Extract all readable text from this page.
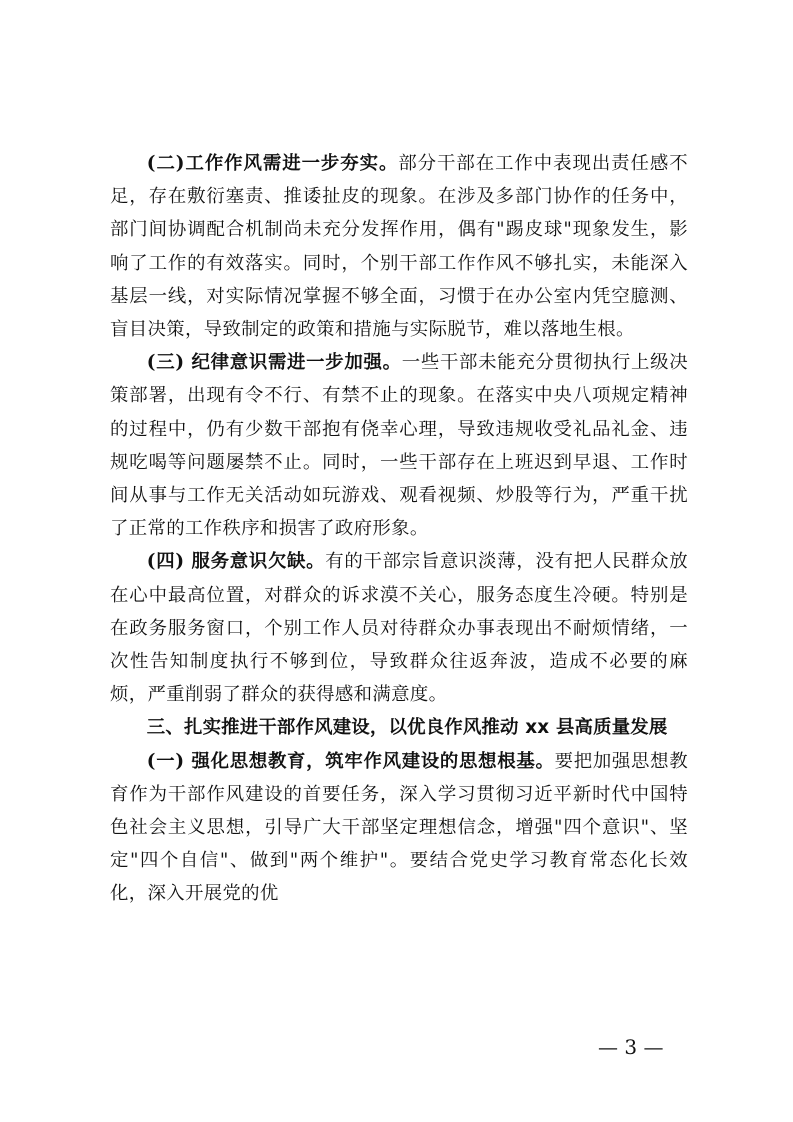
(二)工作作风需进一步夯实。部分干部在工作中表现出责任感不足，存在敷衍塞责、推诿扯皮的现象。在涉及多部门协作的任务中，部门间协调配合机制尚未充分发挥作用，偶有"踢皮球"现象发生，影响了工作的有效落实。同时，个别干部工作作风不够扎实，未能深入基层一线，对实际情况掌握不够全面，习惯于在办公室内凭空臆测、盲目决策，导致制定的政策和措施与实际脱节，难以落地生根。

(三) 纪律意识需进一步加强。一些干部未能充分贯彻执行上级决策部署，出现有令不行、有禁不止的现象。在落实中央八项规定精神的过程中，仍有少数干部抱有侥幸心理，导致违规收受礼品礼金、违规吃喝等问题屡禁不止。同时，一些干部存在上班迟到早退、工作时间从事与工作无关活动如玩游戏、观看视频、炒股等行为，严重干扰了正常的工作秩序和损害了政府形象。

(四) 服务意识欠缺。有的干部宗旨意识淡薄，没有把人民群众放在心中最高位置，对群众的诉求漠不关心，服务态度生冷硬。特别是在政务服务窗口，个别工作人员对待群众办事表现出不耐烦情绪，一次性告知制度执行不够到位，导致群众往返奔波，造成不必要的麻烦，严重削弱了群众的获得感和满意度。

三、扎实推进干部作风建设，以优良作风推动 xx 县高质量发展

(一) 强化思想教育，筑牢作风建设的思想根基。要把加强思想教育作为干部作风建设的首要任务，深入学习贯彻习近平新时代中国特色社会主义思想，引导广大干部坚定理想信念，增强"四个意识"、坚定"四个自信"、做到"两个维护"。要结合党史学习教育常态化长效化，深入开展党的优

— 3 —
